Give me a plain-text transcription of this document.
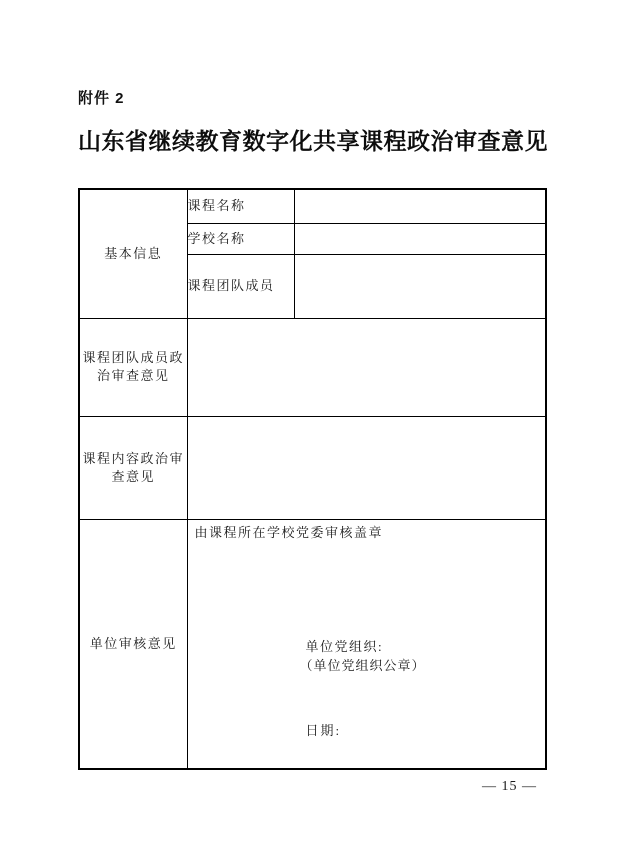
附件 2
山东省继续教育数字化共享课程政治审查意见
基本信息	课程名称	
	学校名称	
	课程团队成员	
课程团队成员政治审查意见		
课程内容政治审查意见		
单位审核意见	由课程所在学校党委审核盖章
单位党组织:
（单位党组织公章）
日期:	
— 15 —
